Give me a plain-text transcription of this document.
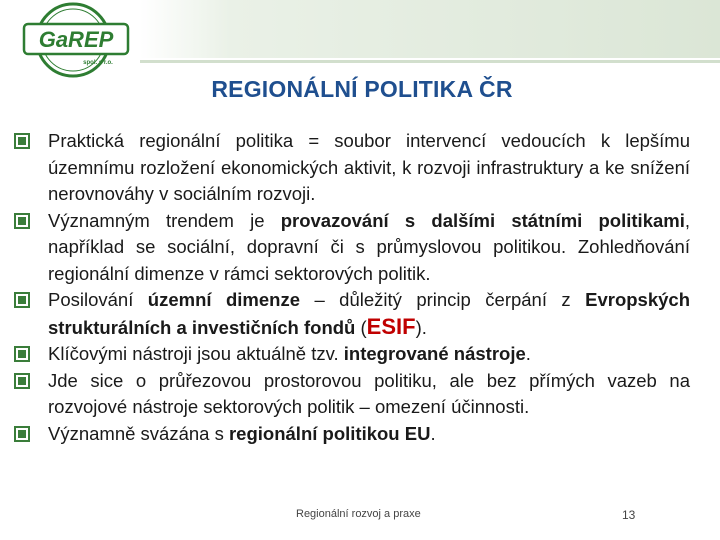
GaREP
spol. s r.o.
REGIONÁLNÍ POLITIKA ČR

Praktická regionální politika = soubor intervencí vedoucích k lepšímu územnímu rozložení ekonomických aktivit, k rozvoji infrastruktury a ke snížení nerovnováhy v sociálním rozvoji.

Významným trendem je provazování s dalšími státními politikami, například se sociální, dopravní či s průmyslovou politikou. Zohledňování regionální dimenze v rámci sektorových politik.

Posilování územní dimenze – důležitý princip čerpání z Evropských strukturálních a investičních fondů (ESIF).

Klíčovými nástroji jsou aktuálně tzv. integrované nástroje.

Jde sice o průřezovou prostorovou politiku, ale bez přímých vazeb na rozvojové nástroje sektorových politik – omezení účinnosti.

Významně svázána s regionální politikou EU.

Regionální rozvoj a praxe	13
